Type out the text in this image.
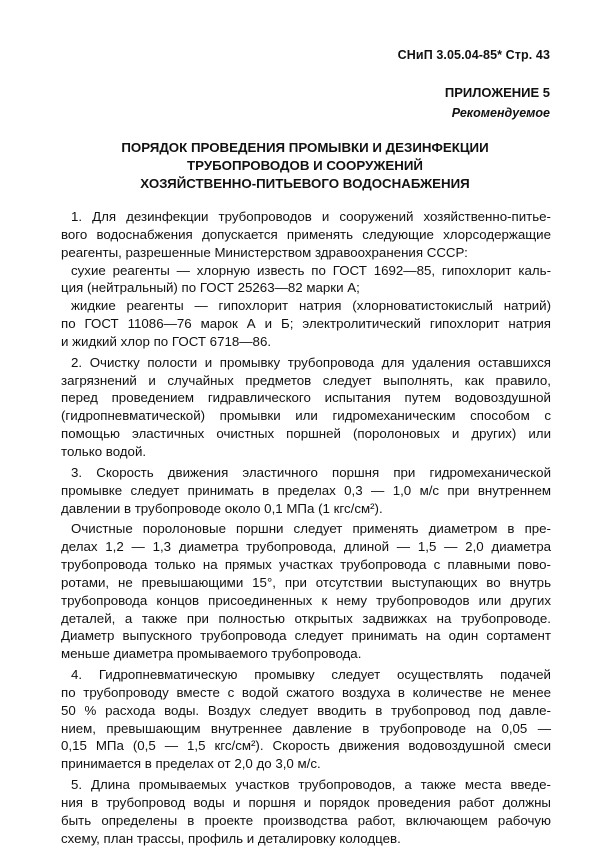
СНиП 3.05.04-85* Стр. 43
ПРИЛОЖЕНИЕ 5
Рекомендуемое
ПОРЯДОК ПРОВЕДЕНИЯ ПРОМЫВКИ И ДЕЗИНФЕКЦИИ
ТРУБОПРОВОДОВ И СООРУЖЕНИЙ
ХОЗЯЙСТВЕННО-ПИТЬЕВОГО ВОДОСНАБЖЕНИЯ
1. Для дезинфекции трубопроводов и сооружений хозяйственно-питье-
вого водоснабжения допускается применять следующие хлорсодержащие
реагенты, разрешенные Министерством здравоохранения СССР:
сухие реагенты — хлорную известь по ГОСТ 1692—85, гипохлорит каль-
ция (нейтральный) по ГОСТ 25263—82 марки А;
жидкие реагенты — гипохлорит натрия (хлорноватистокислый натрий)
по ГОСТ 11086—76 марок А и Б; электролитический гипохлорит натрия
и жидкий хлор по ГОСТ 6718—86.
2. Очистку полости и промывку трубопровода для удаления оставшихся
загрязнений и случайных предметов следует выполнять, как правило,
перед проведением гидравлического испытания путем водовоздушной
(гидропневматической) промывки или гидромеханическим способом с
помощью эластичных очистных поршней (поролоновых и других) или
только водой.
3. Скорость движения эластичного поршня при гидромеханической
промывке следует принимать в пределах 0,3 — 1,0 м/с при внутреннем
давлении в трубопроводе около 0,1 МПа (1 кгс/см²).
Очистные поролоновые поршни следует применять диаметром в пре-
делах 1,2 — 1,3 диаметра трубопровода, длиной — 1,5 — 2,0 диаметра
трубопровода только на прямых участках трубопровода с плавными пово-
ротами, не превышающими 15°, при отсутствии выступающих во внутрь
трубопровода концов присоединенных к нему трубопроводов или других
деталей, а также при полностью открытых задвижках на трубопроводе.
Диаметр выпускного трубопровода следует принимать на один сортамент
меньше диаметра промываемого трубопровода.
4. Гидропневматическую промывку следует осуществлять подачей
по трубопроводу вместе с водой сжатого воздуха в количестве не менее
50 % расхода воды. Воздух следует вводить в трубопровод под давле-
нием, превышающим внутреннее давление в трубопроводе на 0,05 —
0,15 МПа (0,5 — 1,5 кгс/см²). Скорость движения водовоздушной смеси
принимается в пределах от 2,0 до 3,0 м/с.
5. Длина промываемых участков трубопроводов, а также места введе-
ния в трубопровод воды и поршня и порядок проведения работ должны
быть определены в проекте производства работ, включающем рабочую
схему, план трассы, профиль и деталировку колодцев.
